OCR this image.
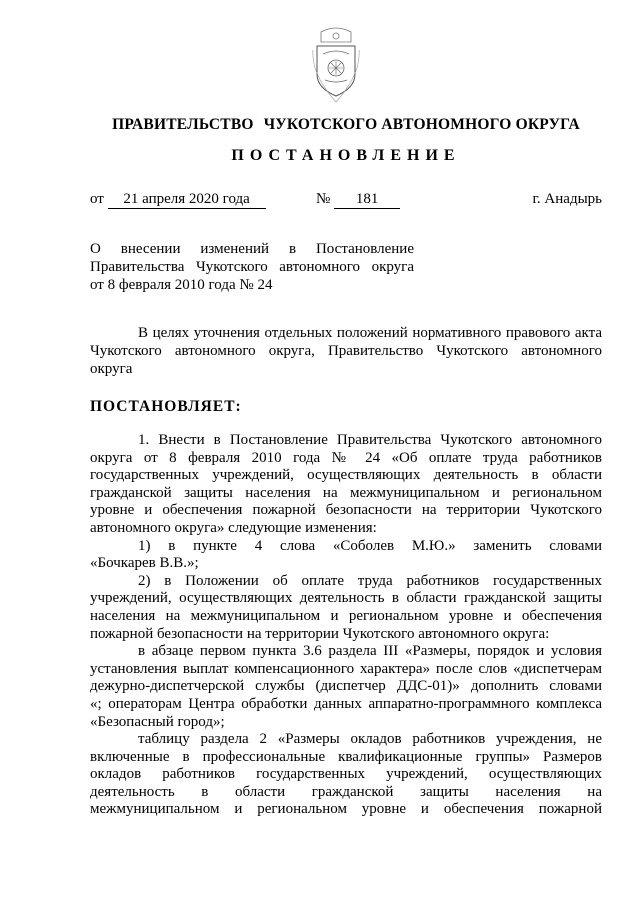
ПРАВИТЕЛЬСТВО ЧУКОТСКОГО АВТОНОМНОГО ОКРУГА
ПОСТАНОВЛЕНИЕ
от 21 апреля 2020 года	№ 181	г. Анадырь
О внесении изменений в Постановление
Правительства Чукотского автономного округа
от 8 февраля 2010 года № 24
В целях уточнения отдельных положений нормативного правового акта
Чукотского автономного округа, Правительство Чукотского автономного
округа
ПОСТАНОВЛЯЕТ:
1. Внести в Постановление Правительства Чукотского автономного
округа от 8 февраля 2010 года № 24 «Об оплате труда работников
государственных учреждений, осуществляющих деятельность в области
гражданской защиты населения на межмуниципальном и региональном
уровне и обеспечения пожарной безопасности на территории Чукотского
автономного округа» следующие изменения:
1) в пункте 4 слова «Соболев М.Ю.» заменить словами
«Бочкарев В.В.»;
2) в Положении об оплате труда работников государственных
учреждений, осуществляющих деятельность в области гражданской защиты
населения на межмуниципальном и региональном уровне и обеспечения
пожарной безопасности на территории Чукотского автономного округа:
в абзаце первом пункта 3.6 раздела III «Размеры, порядок и условия
установления выплат компенсационного характера» после слов «диспетчерам
дежурно-диспетчерской службы (диспетчер ДДС-01)» дополнить словами
«; операторам Центра обработки данных аппаратно-программного комплекса
«Безопасный город»;
таблицу раздела 2 «Размеры окладов работников учреждения, не
включенные в профессиональные квалификационные группы» Размеров
окладов работников государственных учреждений, осуществляющих
деятельность в области гражданской защиты населения на
межмуниципальном и региональном уровне и обеспечения пожарной
